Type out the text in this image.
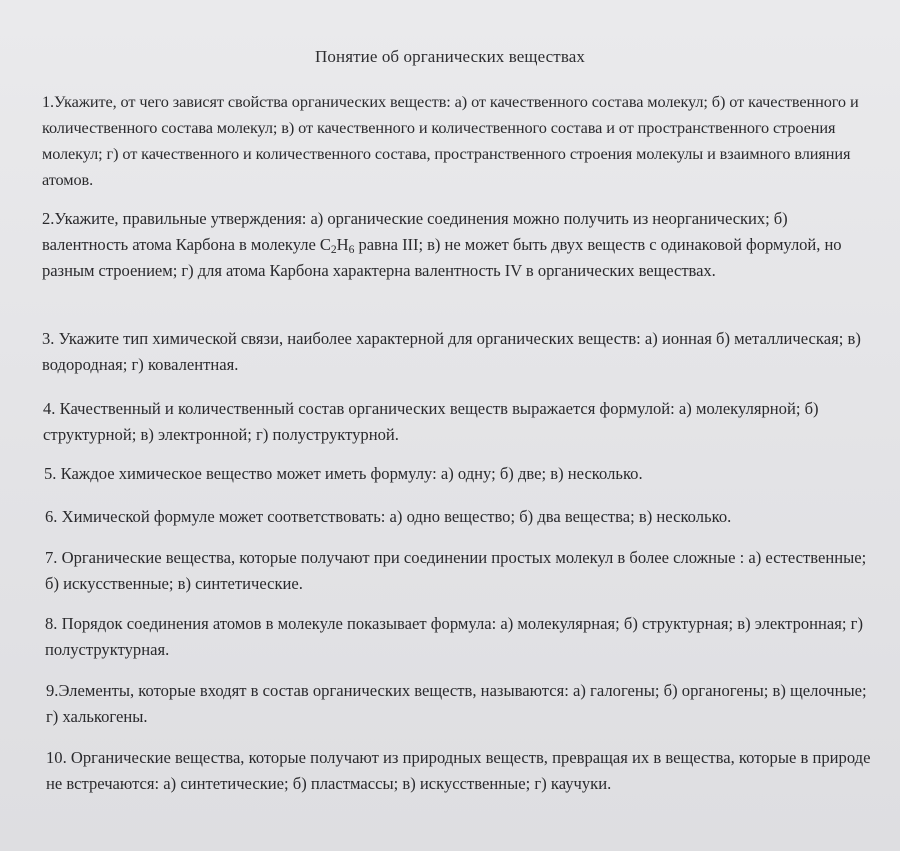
Понятие об органических веществах

1.Укажите, от чего зависят свойства органических веществ: а) от качественного состава молекул; б) от качественного и количественного состава молекул; в) от качественного и количественного состава и от пространственного строения молекул; г) от качественного и количественного состава, пространственного строения молекулы и взаимного влияния атомов.

2.Укажите, правильные утверждения: а) органические соединения можно получить из неорганических; б) валентность атома Карбона в молекуле $C_2H_6$ равна III; в) не может быть двух веществ с одинаковой формулой, но разным строением; г) для атома Карбона характерна валентность IV в органических веществах.

3. Укажите тип химической связи, наиболее характерной для органических веществ: а) ионная б) металлическая; в) водородная; г) ковалентная.

4. Качественный и количественный состав органических веществ выражается формулой: а) молекулярной; б) структурной; в) электронной; г) полуструктурной.

5. Каждое химическое вещество может иметь формулу: а) одну; б) две; в) несколько.

6. Химической формуле может соответствовать: а) одно вещество; б) два вещества; в) несколько.

7. Органические вещества, которые получают при соединении простых молекул в более сложные : а) естественные; б) искусственные; в) синтетические.

8. Порядок соединения атомов в молекуле показывает формула: а) молекулярная; б) структурная; в) электронная; г) полуструктурная.

9.Элементы, которые входят в состав органических веществ, называются: а) галогены; б) органогены; в) щелочные; г) халькогены.

10. Органические вещества, которые получают из природных веществ, превращая их в вещества, которые в природе не встречаются: а) синтетические; б) пластмассы; в) искусственные; г) каучуки.
